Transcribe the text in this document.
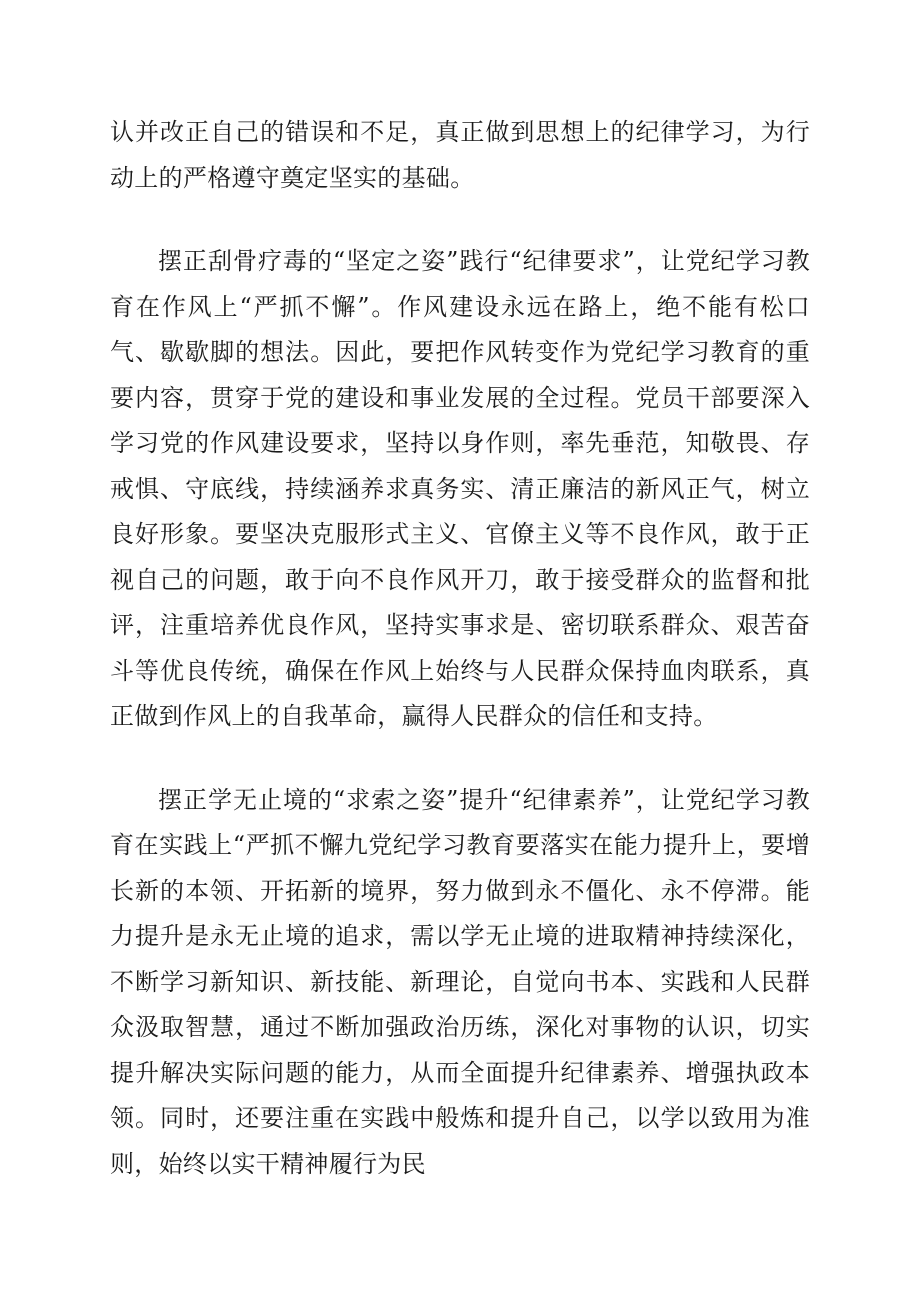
认并改正自己的错误和不足，真正做到思想上的纪律学习，为行动上的严格遵守奠定坚实的基础。

摆正刮骨疗毒的“坚定之姿”践行“纪律要求”，让党纪学习教育在作风上“严抓不懈”。作风建设永远在路上，绝不能有松口气、歇歇脚的想法。因此，要把作风转变作为党纪学习教育的重要内容，贯穿于党的建设和事业发展的全过程。党员干部要深入学习党的作风建设要求，坚持以身作则，率先垂范，知敬畏、存戒惧、守底线，持续涵养求真务实、清正廉洁的新风正气，树立良好形象。要坚决克服形式主义、官僚主义等不良作风，敢于正视自己的问题，敢于向不良作风开刀，敢于接受群众的监督和批评，注重培养优良作风，坚持实事求是、密切联系群众、艰苦奋斗等优良传统，确保在作风上始终与人民群众保持血肉联系，真正做到作风上的自我革命，赢得人民群众的信任和支持。

摆正学无止境的“求索之姿”提升“纪律素养”，让党纪学习教育在实践上“严抓不懈九党纪学习教育要落实在能力提升上，要增长新的本领、开拓新的境界，努力做到永不僵化、永不停滞。能力提升是永无止境的追求，需以学无止境的进取精神持续深化，不断学习新知识、新技能、新理论，自觉向书本、实践和人民群众汲取智慧，通过不断加强政治历练，深化对事物的认识，切实提升解决实际问题的能力，从而全面提升纪律素养、增强执政本领。同时，还要注重在实践中般炼和提升自己，以学以致用为准则，始终以实干精神履行为民
